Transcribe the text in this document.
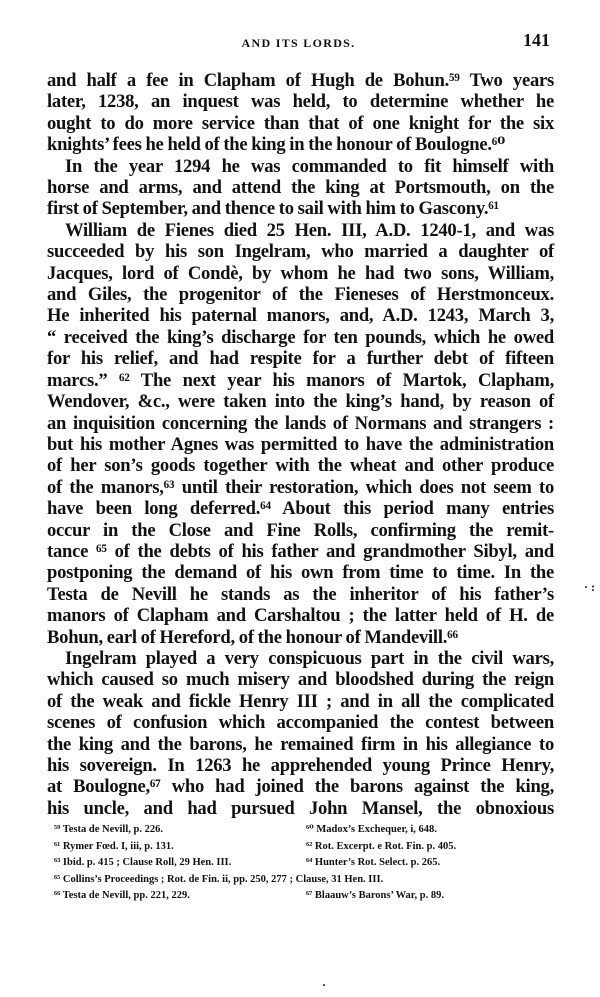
AND ITS LORDS.	141
and half a fee in Clapham of Hugh de Bohun.⁵⁹ Two years
later, 1238, an inquest was held, to determine whether he
ought to do more service than that of one knight for the six
knights’ fees he held of the king in the honour of Boulogne.⁶⁰
In the year 1294 he was commanded to fit himself with
horse and arms, and attend the king at Portsmouth, on the
first of September, and thence to sail with him to Gascony.⁶¹
William de Fienes died 25 Hen. III, A.D. 1240-1, and was
succeeded by his son Ingelram, who married a daughter of
Jacques, lord of Condè, by whom he had two sons, William,
and Giles, the progenitor of the Fieneses of Herstmonceux.
He inherited his paternal manors, and, A.D. 1243, March 3,
“ received the king’s discharge for ten pounds, which he owed
for his relief, and had respite for a further debt of fifteen
marcs.” ⁶² The next year his manors of Martok, Clapham,
Wendover, &c., were taken into the king’s hand, by reason of
an inquisition concerning the lands of Normans and strangers :
but his mother Agnes was permitted to have the administration
of her son’s goods together with the wheat and other produce
of the manors,⁶³ until their restoration, which does not seem to
have been long deferred.⁶⁴ About this period many entries
occur in the Close and Fine Rolls, confirming the remit-
tance ⁶⁵ of the debts of his father and grandmother Sibyl, and
postponing the demand of his own from time to time. In the
Testa de Nevill he stands as the inheritor of his father’s
manors of Clapham and Carshaltou ; the latter held of H. de
Bohun, earl of Hereford, of the honour of Mandevill.⁶⁶
Ingelram played a very conspicuous part in the civil wars,
which caused so much misery and bloodshed during the reign
of the weak and fickle Henry III ; and in all the complicated
scenes of confusion which accompanied the contest between
the king and the barons, he remained firm in his allegiance to
his sovereign. In 1263 he apprehended young Prince Henry,
at Boulogne,⁶⁷ who had joined the barons against the king,
his uncle, and had pursued John Mansel, the obnoxious
⁵⁹ Testa de Nevill, p. 226.	⁶⁰ Madox’s Exchequer, i, 648.
⁶¹ Rymer Fœd. I, iii, p. 131.	⁶² Rot. Excerpt. e Rot. Fin. p. 405.
⁶³ Ibid. p. 415 ; Clause Roll, 29 Hen. III.	⁶⁴ Hunter’s Rot. Select. p. 265.
⁶⁵ Collins’s Proceedings ; Rot. de Fin. ii, pp. 250, 277 ; Clause, 31 Hen. III.
⁶⁶ Testa de Nevill, pp. 221, 229.	⁶⁷ Blaauw’s Barons’ War, p. 89.
· :
·
